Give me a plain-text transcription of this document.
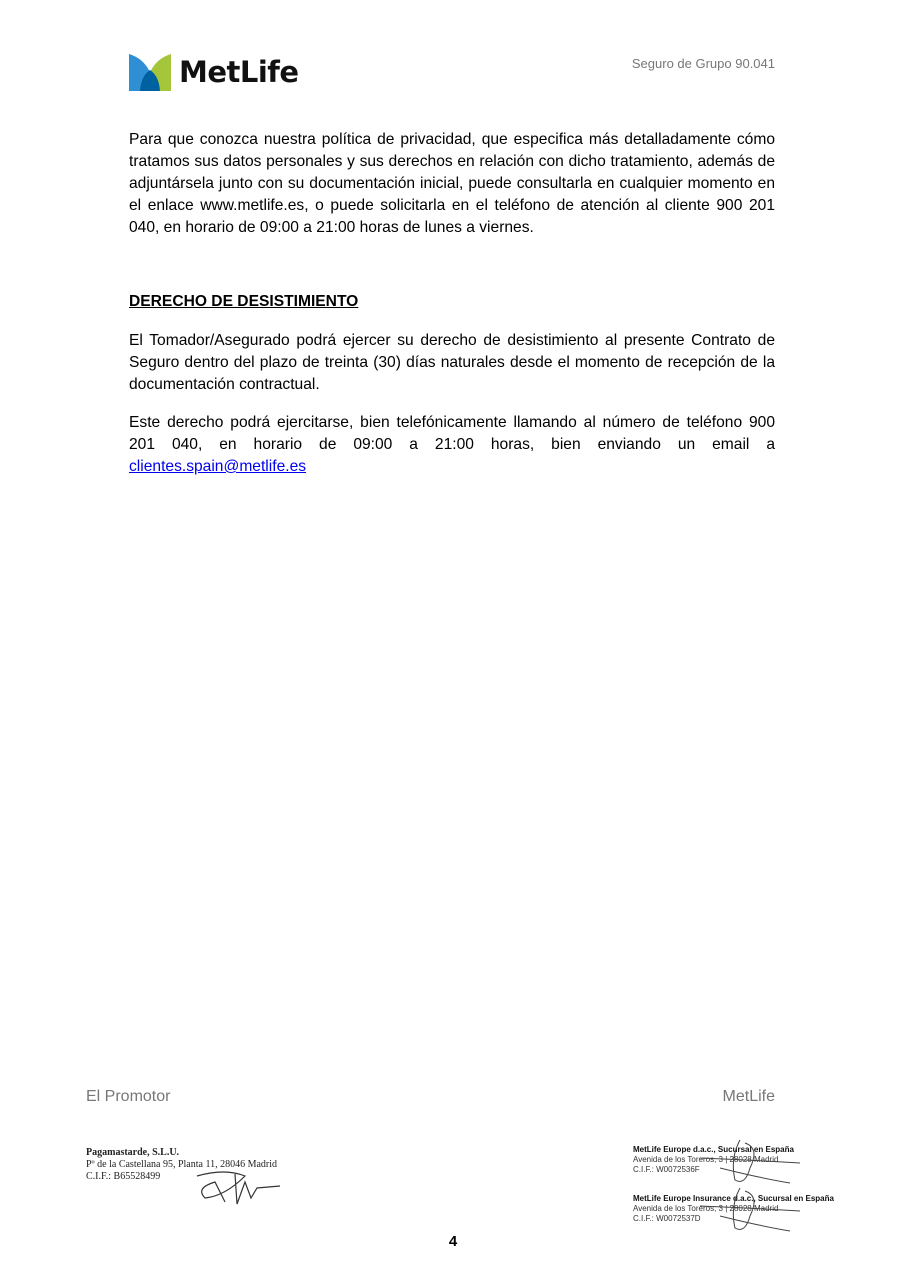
MetLife	Seguro de Grupo 90.041
Para que conozca nuestra política de privacidad, que especifica más detalladamente cómo tratamos sus datos personales y sus derechos en relación con dicho tratamiento, además de adjuntársela junto con su documentación inicial, puede consultarla en cualquier momento en el enlace www.metlife.es, o puede solicitarla en el teléfono de atención al cliente 900 201 040, en horario de 09:00 a 21:00 horas de lunes a viernes.
DERECHO DE DESISTIMIENTO
El Tomador/Asegurado podrá ejercer su derecho de desistimiento al presente Contrato de Seguro dentro del plazo de treinta (30) días naturales desde el momento de recepción de la documentación contractual.
Este derecho podrá ejercitarse, bien telefónicamente llamando al número de teléfono 900 201 040, en horario de 09:00 a 21:00 horas, bien enviando un email a clientes.spain@metlife.es
El Promotor	MetLife
Pagamastarde, S.L.U.
Pº de la Castellana 95, Planta 11, 28046 Madrid
C.I.F.: B65528499
MetLife Europe d.a.c., Sucursal en España
Avenida de los Toreros, 3 | 28028 Madrid
C.I.F.: W0072536F
MetLife Europe Insurance d.a.c., Sucursal en España
Avenida de los Toreros, 3 | 28028 Madrid
C.I.F.: W0072537D
4
